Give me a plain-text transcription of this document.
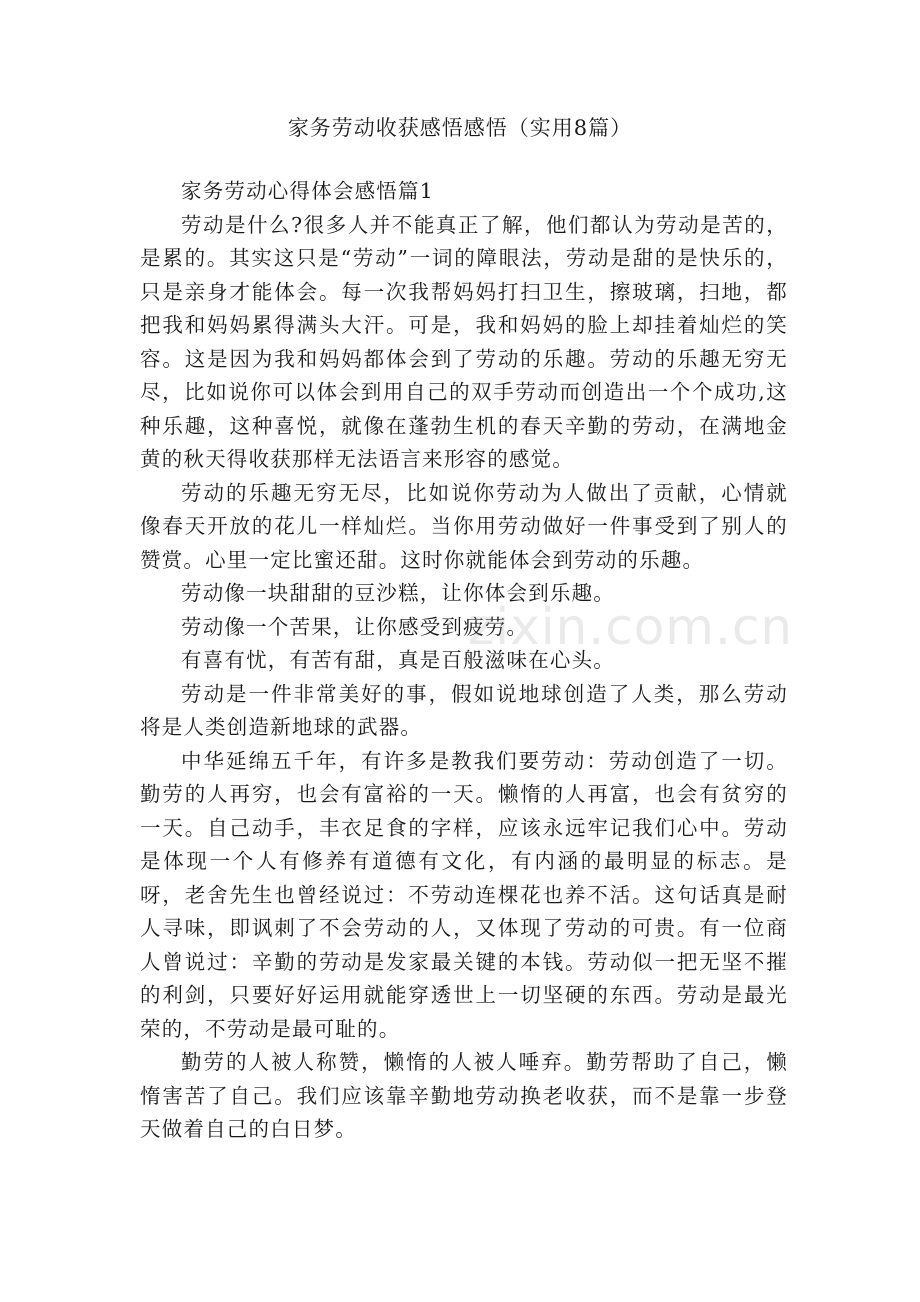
家务劳动收获感悟感悟（实用8篇）

家务劳动心得体会感悟篇1

劳动是什么?很多人并不能真正了解，他们都认为劳动是苦的，是累的。其实这只是“劳动”一词的障眼法，劳动是甜的是快乐的，只是亲身才能体会。每一次我帮妈妈打扫卫生，擦玻璃，扫地，都把我和妈妈累得满头大汗。可是，我和妈妈的脸上却挂着灿烂的笑容。这是因为我和妈妈都体会到了劳动的乐趣。劳动的乐趣无穷无尽，比如说你可以体会到用自己的双手劳动而创造出一个个成功,这种乐趣，这种喜悦，就像在蓬勃生机的春天辛勤的劳动，在满地金黄的秋天得收获那样无法语言来形容的感觉。

劳动的乐趣无穷无尽，比如说你劳动为人做出了贡献，心情就像春天开放的花儿一样灿烂。当你用劳动做好一件事受到了别人的赞赏。心里一定比蜜还甜。这时你就能体会到劳动的乐趣。

劳动像一块甜甜的豆沙糕，让你体会到乐趣。

劳动像一个苦果，让你感受到疲劳。

有喜有忧，有苦有甜，真是百般滋味在心头。

劳动是一件非常美好的事，假如说地球创造了人类，那么劳动将是人类创造新地球的武器。

中华延绵五千年，有许多是教我们要劳动：劳动创造了一切。勤劳的人再穷，也会有富裕的一天。懒惰的人再富，也会有贫穷的一天。自己动手，丰衣足食的字样，应该永远牢记我们心中。劳动是体现一个人有修养有道德有文化，有内涵的最明显的标志。是呀，老舍先生也曾经说过：不劳动连棵花也养不活。这句话真是耐人寻味，即讽刺了不会劳动的人，又体现了劳动的可贵。有一位商人曾说过：辛勤的劳动是发家最关键的本钱。劳动似一把无坚不摧的利剑，只要好好运用就能穿透世上一切坚硬的东西。劳动是最光荣的，不劳动是最可耻的。

勤劳的人被人称赞，懒惰的人被人唾弃。勤劳帮助了自己，懒惰害苦了自己。我们应该靠辛勤地劳动换老收获，而不是靠一步登天做着自己的白日梦。

zixin.com.cn
